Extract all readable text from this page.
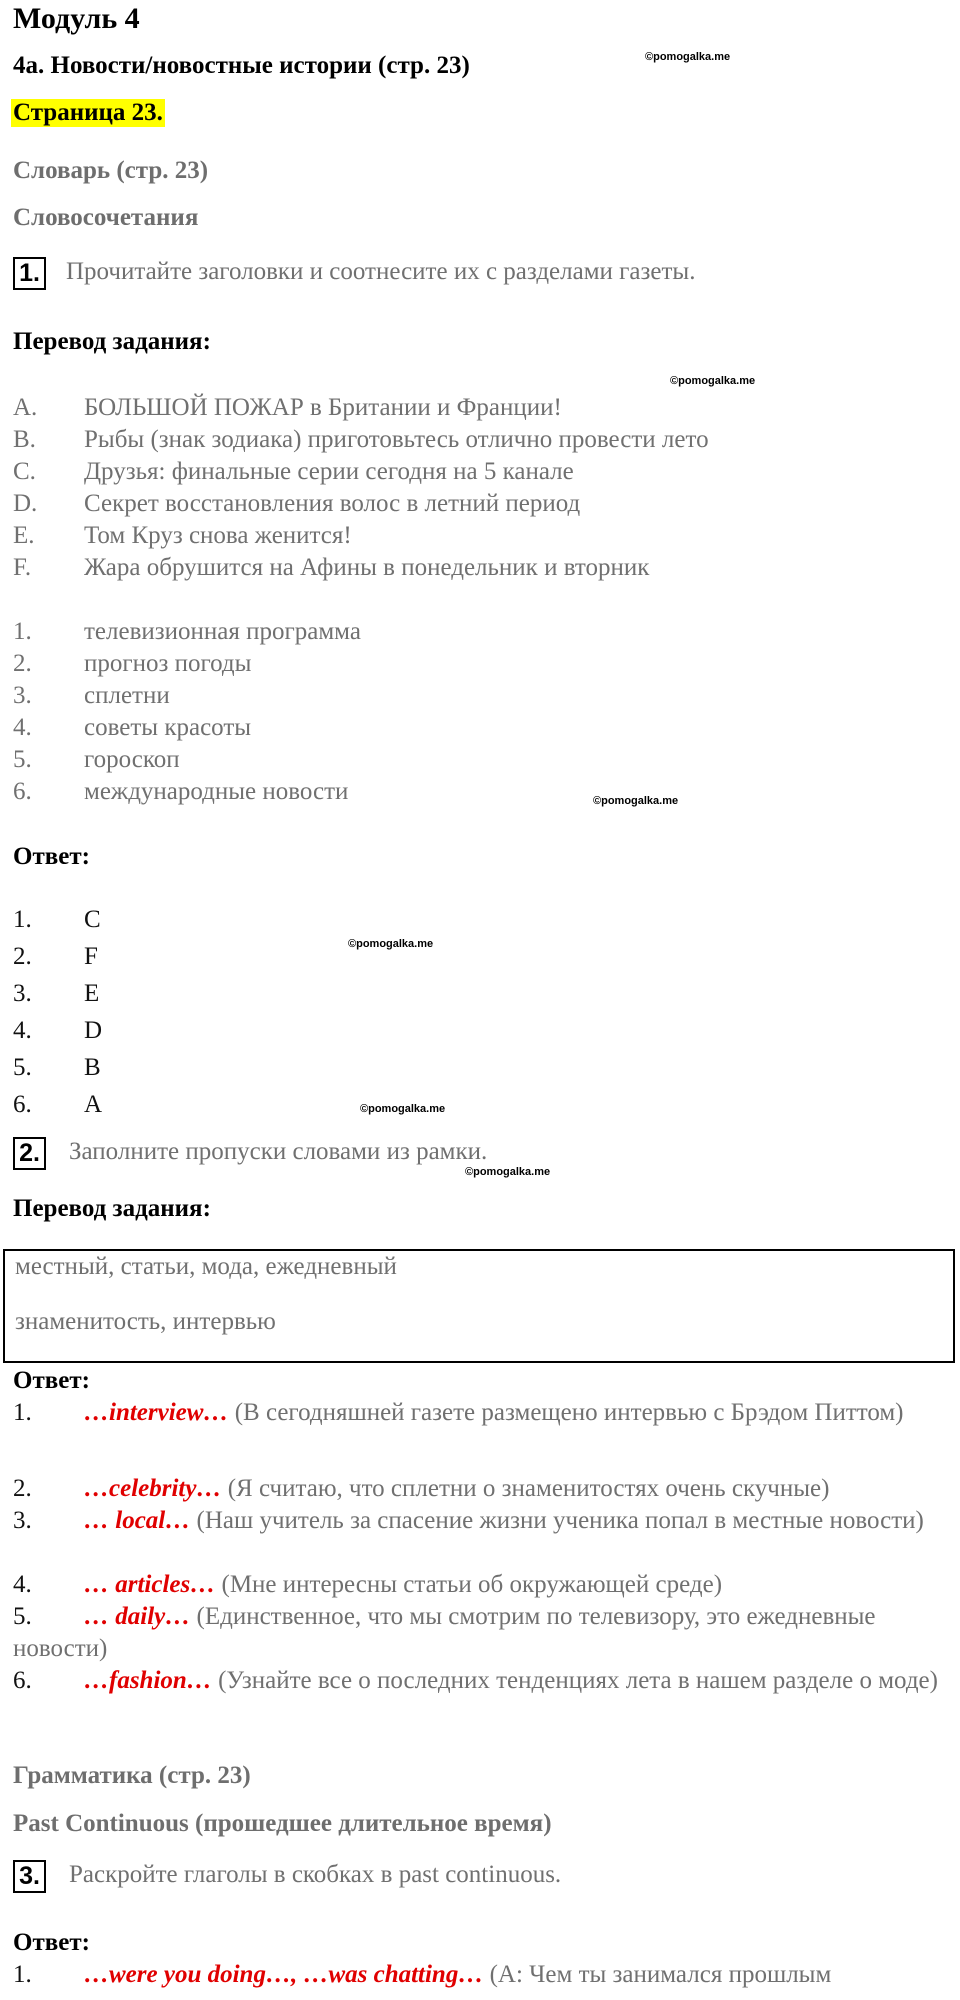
Модуль 4
4a. Новости/новостные истории (стр. 23)	©pomogalka.me
Страница 23.
Словарь (стр. 23)
Словосочетания
1. Прочитайте заголовки и соотнесите их с разделами газеты.
Перевод задания:
©pomogalka.me
A. БОЛЬШОЙ ПОЖАР в Британии и Франции!
B. Рыбы (знак зодиака) приготовьтесь отлично провести лето
C. Друзья: финальные серии сегодня на 5 канале
D. Секрет восстановления волос в летний период
E. Том Круз снова женится!
F. Жара обрушится на Афины в понедельник и вторник
1. телевизионная программа
2. прогноз погоды
3. сплетни
4. советы красоты
5. гороскоп
6. международные новости	©pomogalka.me
Ответ:
1. C
2. F
3. E
4. D
5. B
6. A
©pomogalka.me
©pomogalka.me
2. Заполните пропуски словами из рамки.
©pomogalka.me
Перевод задания:
местный, статьи, мода, ежедневный
знаменитость, интервью
Ответ:
1. …interview… (В сегодняшней газете размещено интервью с Брэдом Питтом)
2. …celebrity… (Я считаю, что сплетни о знаменитостях очень скучные)
3. … local… (Наш учитель за спасение жизни ученика попал в местные новости)
4. … articles… (Мне интересны статьи об окружающей среде)
5. … daily… (Единственное, что мы смотрим по телевизору, это ежедневные новости)
6. …fashion… (Узнайте все о последних тенденциях лета в нашем разделе о моде)
Грамматика (стр. 23)
Past Continuous (прошедшее длительное время)
3. Раскройте глаголы в скобках в past continuous.
Ответ:
1. …were you doing…, …was chatting… (A: Чем ты занимался прошлым
